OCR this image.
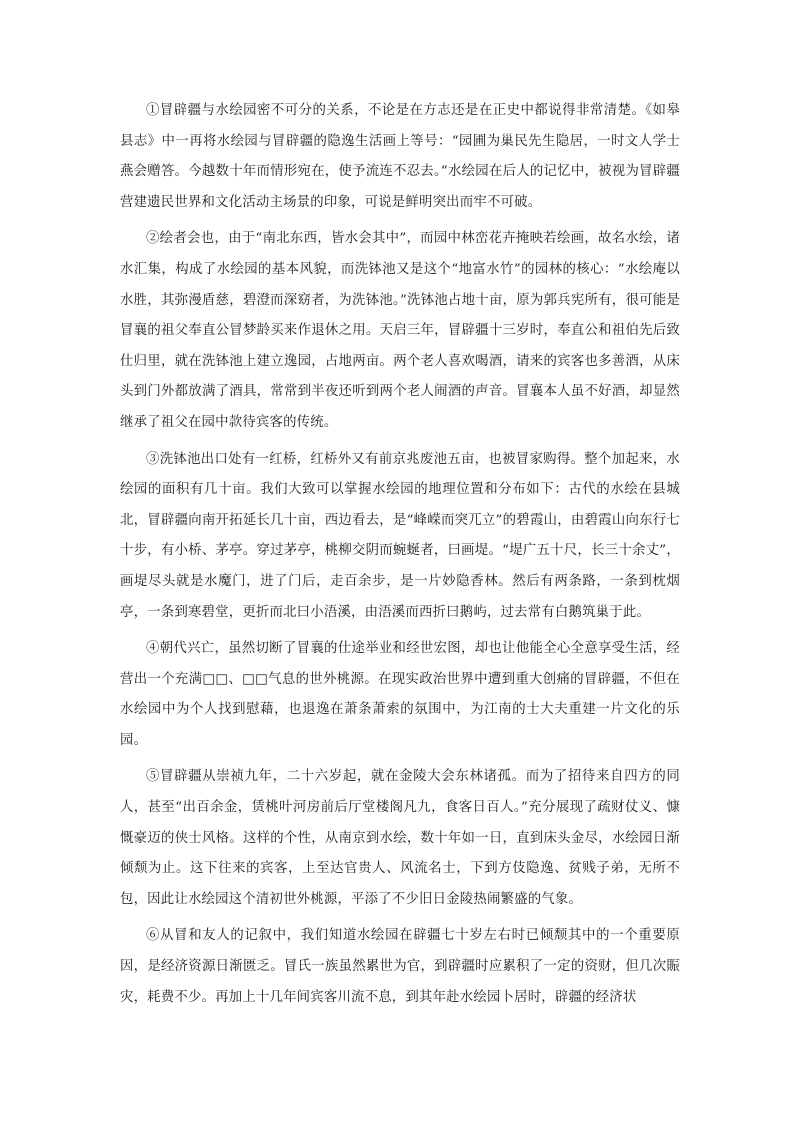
①冒辟疆与水绘园密不可分的关系，不论是在方志还是在正史中都说得非常清楚。《如皋县志》中一再将水绘园与冒辟疆的隐逸生活画上等号：“园圃为巢民先生隐居，一时文人学士燕会赠答。今越数十年而情形宛在，使予流连不忍去。”水绘园在后人的记忆中，被视为冒辟疆营建遗民世界和文化活动主场景的印象，可说是鲜明突出而牢不可破。

②绘者会也，由于“南北东西，皆水会其中”，而园中林峦花卉掩映若绘画，故名水绘，诸水汇集，构成了水绘园的基本风貌，而洗钵池又是这个“地富水竹”的园林的核心：“水绘庵以水胜，其弥漫盾慈，碧澄而深窈者，为洗钵池。”洗钵池占地十亩，原为郭兵宪所有，很可能是冒襄的祖父奉直公冒梦龄买来作退休之用。天启三年，冒辟疆十三岁时，奉直公和祖伯先后致仕归里，就在洗钵池上建立逸园，占地两亩。两个老人喜欢喝酒，请来的宾客也多善酒，从床头到门外都放满了酒具，常常到半夜还听到两个老人闹酒的声音。冒襄本人虽不好酒，却显然继承了祖父在园中款待宾客的传统。

③洗钵池出口处有一红桥，红桥外又有前京兆废池五亩，也被冒家购得。整个加起来，水绘园的面积有几十亩。我们大致可以掌握水绘园的地理位置和分布如下：古代的水绘在县城北，冒辟疆向南开拓延长几十亩，西边看去，是“峰嵘而突兀立”的碧霞山，由碧霞山向东行七十步，有小桥、茅亭。穿过茅亭，桃柳交阴而蜿蜒者，曰画堤。“堤广五十尺，长三十余丈”，画堤尽头就是水魔门，进了门后，走百余步，是一片妙隐香林。然后有两条路，一条到枕烟亭，一条到寒碧堂，更折而北曰小浯溪，由浯溪而西折曰鹅屿，过去常有白鹅筑巢于此。

④朝代兴亡，虽然切断了冒襄的仕途举业和经世宏图，却也让他能全心全意享受生活，经营出一个充满□□、□□气息的世外桃源。在现实政治世界中遭到重大创痛的冒辟疆，不但在水绘园中为个人找到慰藉，也退逸在萧条萧索的氛围中，为江南的士大夫重建一片文化的乐园。

⑤冒辟疆从崇祯九年，二十六岁起，就在金陵大会东林诸孤。而为了招待来自四方的同人，甚至“出百余金，赁桃叶河房前后厅堂楼阁凡九，食客日百人。”充分展现了疏财仗义、慷慨豪迈的侠士风格。这样的个性，从南京到水绘，数十年如一日，直到床头金尽，水绘园日渐倾颓为止。这下往来的宾客，上至达官贵人、风流名士，下到方伎隐逸、贫贱子弟，无所不包，因此让水绘园这个清初世外桃源，平添了不少旧日金陵热闹繁盛的气象。

⑥从冒和友人的记叙中，我们知道水绘园在辟疆七十岁左右时已倾颓其中的一个重要原因，是经济资源日渐匮乏。冒氏一族虽然累世为官，到辟疆时应累积了一定的资财，但几次賑灾，耗费不少。再加上十几年间宾客川流不息，到其年赴水绘园卜居时，辟疆的经济状
